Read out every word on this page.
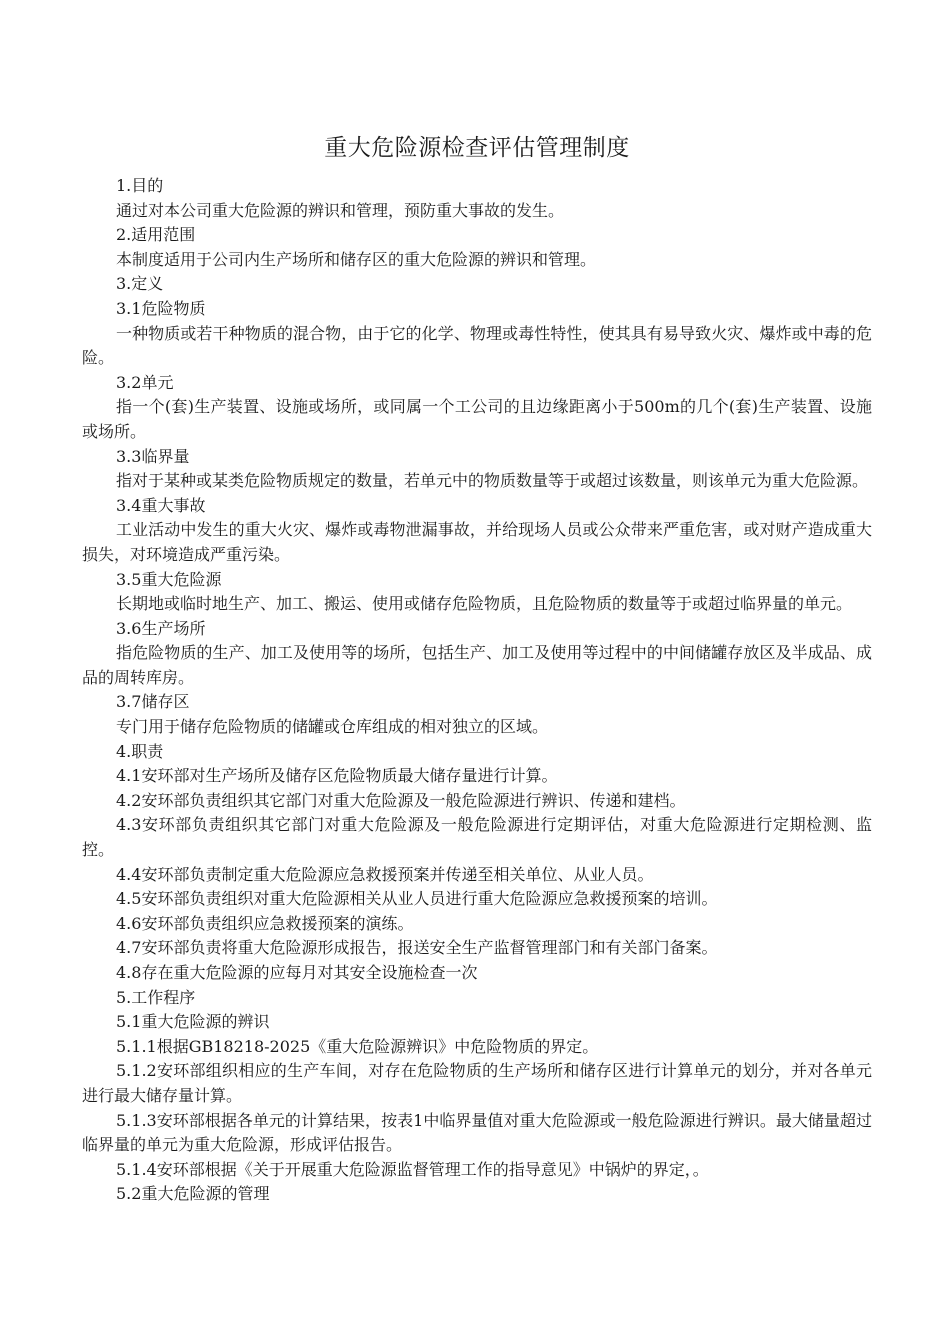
重大危险源检查评估管理制度

1.目的

通过对本公司重大危险源的辨识和管理，预防重大事故的发生。

2.适用范围

本制度适用于公司内生产场所和储存区的重大危险源的辨识和管理。

3.定义

3.1危险物质

一种物质或若干种物质的混合物，由于它的化学、物理或毒性特性，使其具有易导致火灾、爆炸或中毒的危险。

3.2单元

指一个(套)生产装置、设施或场所，或同属一个工公司的且边缘距离小于500m的几个(套)生产装置、设施或场所。

3.3临界量

指对于某种或某类危险物质规定的数量，若单元中的物质数量等于或超过该数量，则该单元为重大危险源。

3.4重大事故

工业活动中发生的重大火灾、爆炸或毒物泄漏事故，并给现场人员或公众带来严重危害，或对财产造成重大损失，对环境造成严重污染。

3.5重大危险源

长期地或临时地生产、加工、搬运、使用或储存危险物质，且危险物质的数量等于或超过临界量的单元。

3.6生产场所

指危险物质的生产、加工及使用等的场所，包括生产、加工及使用等过程中的中间储罐存放区及半成品、成品的周转库房。

3.7储存区

专门用于储存危险物质的储罐或仓库组成的相对独立的区域。

4.职责

4.1安环部对生产场所及储存区危险物质最大储存量进行计算。

4.2安环部负责组织其它部门对重大危险源及一般危险源进行辨识、传递和建档。

4.3安环部负责组织其它部门对重大危险源及一般危险源进行定期评估，对重大危险源进行定期检测、监控。

4.4安环部负责制定重大危险源应急救援预案并传递至相关单位、从业人员。

4.5安环部负责组织对重大危险源相关从业人员进行重大危险源应急救援预案的培训。

4.6安环部负责组织应急救援预案的演练。

4.7安环部负责将重大危险源形成报告，报送安全生产监督管理部门和有关部门备案。

4.8存在重大危险源的应每月对其安全设施检查一次

5.工作程序

5.1重大危险源的辨识

5.1.1根据GB18218-2025《重大危险源辨识》中危险物质的界定。

5.1.2安环部组织相应的生产车间，对存在危险物质的生产场所和储存区进行计算单元的划分，并对各单元进行最大储存量计算。

5.1.3安环部根据各单元的计算结果，按表1中临界量值对重大危险源或一般危险源进行辨识。最大储量超过临界量的单元为重大危险源，形成评估报告。

5.1.4安环部根据《关于开展重大危险源监督管理工作的指导意见》中锅炉的界定，。

5.2重大危险源的管理
